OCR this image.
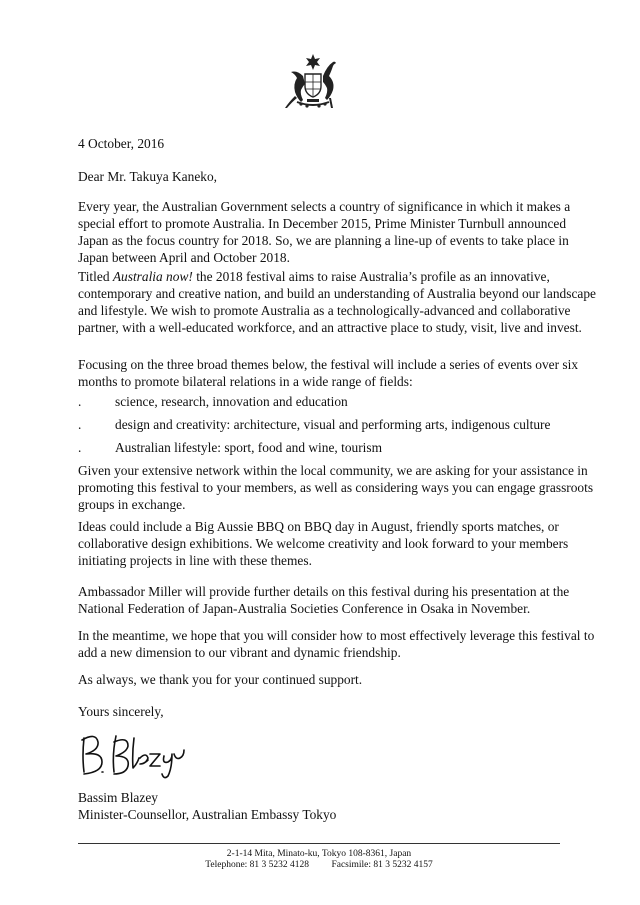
4 October, 2016
Dear Mr. Takuya Kaneko,

Every year, the Australian Government selects a country of significance in which it makes a special effort to promote Australia. In December 2015, Prime Minister Turnbull announced Japan as the focus country for 2018. So, we are planning a line-up of events to take place in Japan between April and October 2018.

Titled Australia now! the 2018 festival aims to raise Australia’s profile as an innovative, contemporary and creative nation, and build an understanding of Australia beyond our landscape and lifestyle. We wish to promote Australia as a technologically-advanced and collaborative partner, with a well-educated workforce, and an attractive place to study, visit, live and invest.

Focusing on the three broad themes below, the festival will include a series of events over six months to promote bilateral relations in a wide range of fields:

.	science, research, innovation and education
.	design and creativity: architecture, visual and performing arts, indigenous culture
.	Australian lifestyle: sport, food and wine, tourism

Given your extensive network within the local community, we are asking for your assistance in promoting this festival to your members, as well as considering ways you can engage grassroots groups in exchange.

Ideas could include a Big Aussie BBQ on BBQ day in August, friendly sports matches, or collaborative design exhibitions. We welcome creativity and look forward to your members initiating projects in line with these themes.

Ambassador Miller will provide further details on this festival during his presentation at the National Federation of Japan-Australia Societies Conference in Osaka in November.

In the meantime, we hope that you will consider how to most effectively leverage this festival to add a new dimension to our vibrant and dynamic friendship.

As always, we thank you for your continued support.

Yours sincerely,
Bassim Blazey
Minister-Counsellor, Australian Embassy Tokyo
2-1-14 Mita, Minato-ku, Tokyo 108-8361, Japan
Telephone: 81 3 5232 4128 Facsimile: 81 3 5232 4157
